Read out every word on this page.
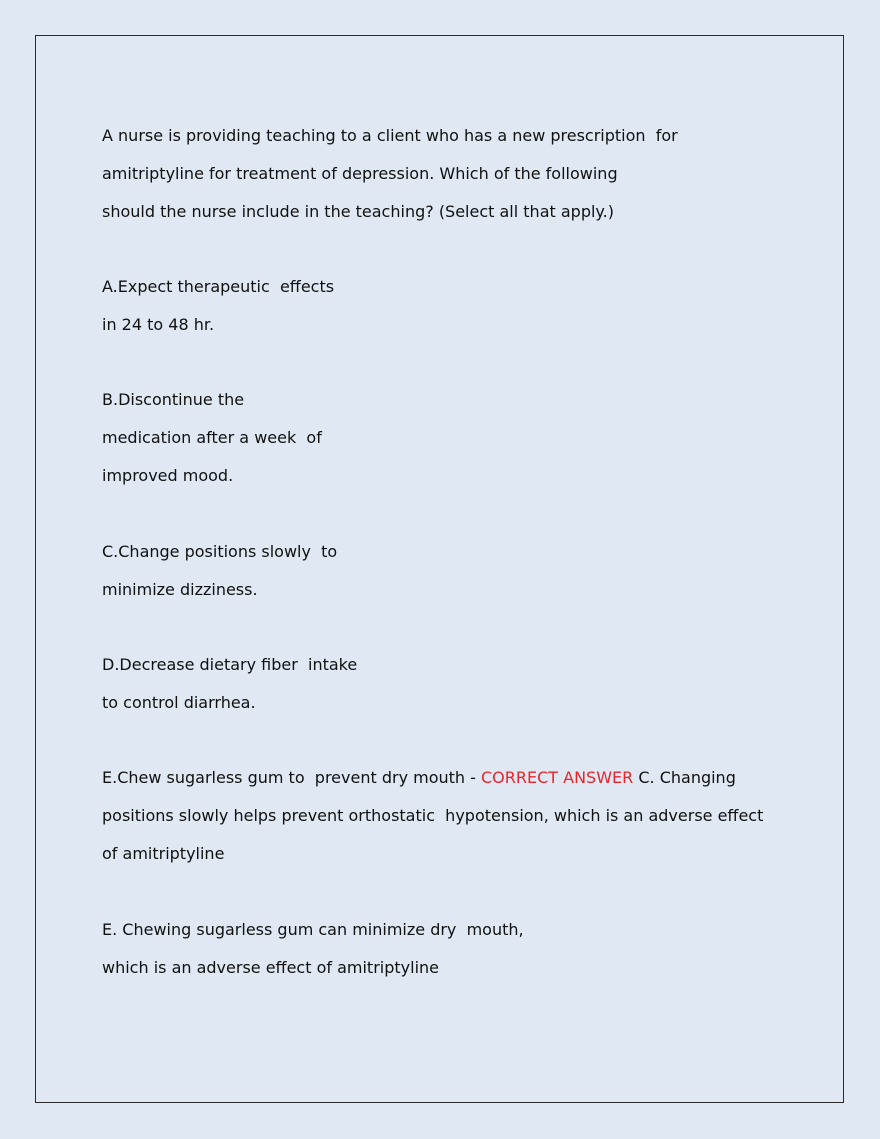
A nurse is providing teaching to a client who has a new prescription  for

amitriptyline for treatment of depression. Which of the following

should the nurse include in the teaching? (Select all that apply.)

A.Expect therapeutic  effects

in 24 to 48 hr.

B.Discontinue the

medication after a week  of

improved mood.

C.Change positions slowly  to

minimize dizziness.

D.Decrease dietary fiber  intake

to control diarrhea.

E.Chew sugarless gum to  prevent dry mouth - CORRECT ANSWER C. Changing

positions slowly helps prevent orthostatic  hypotension, which is an adverse effect

of amitriptyline

E. Chewing sugarless gum can minimize dry  mouth,

which is an adverse effect of amitriptyline
